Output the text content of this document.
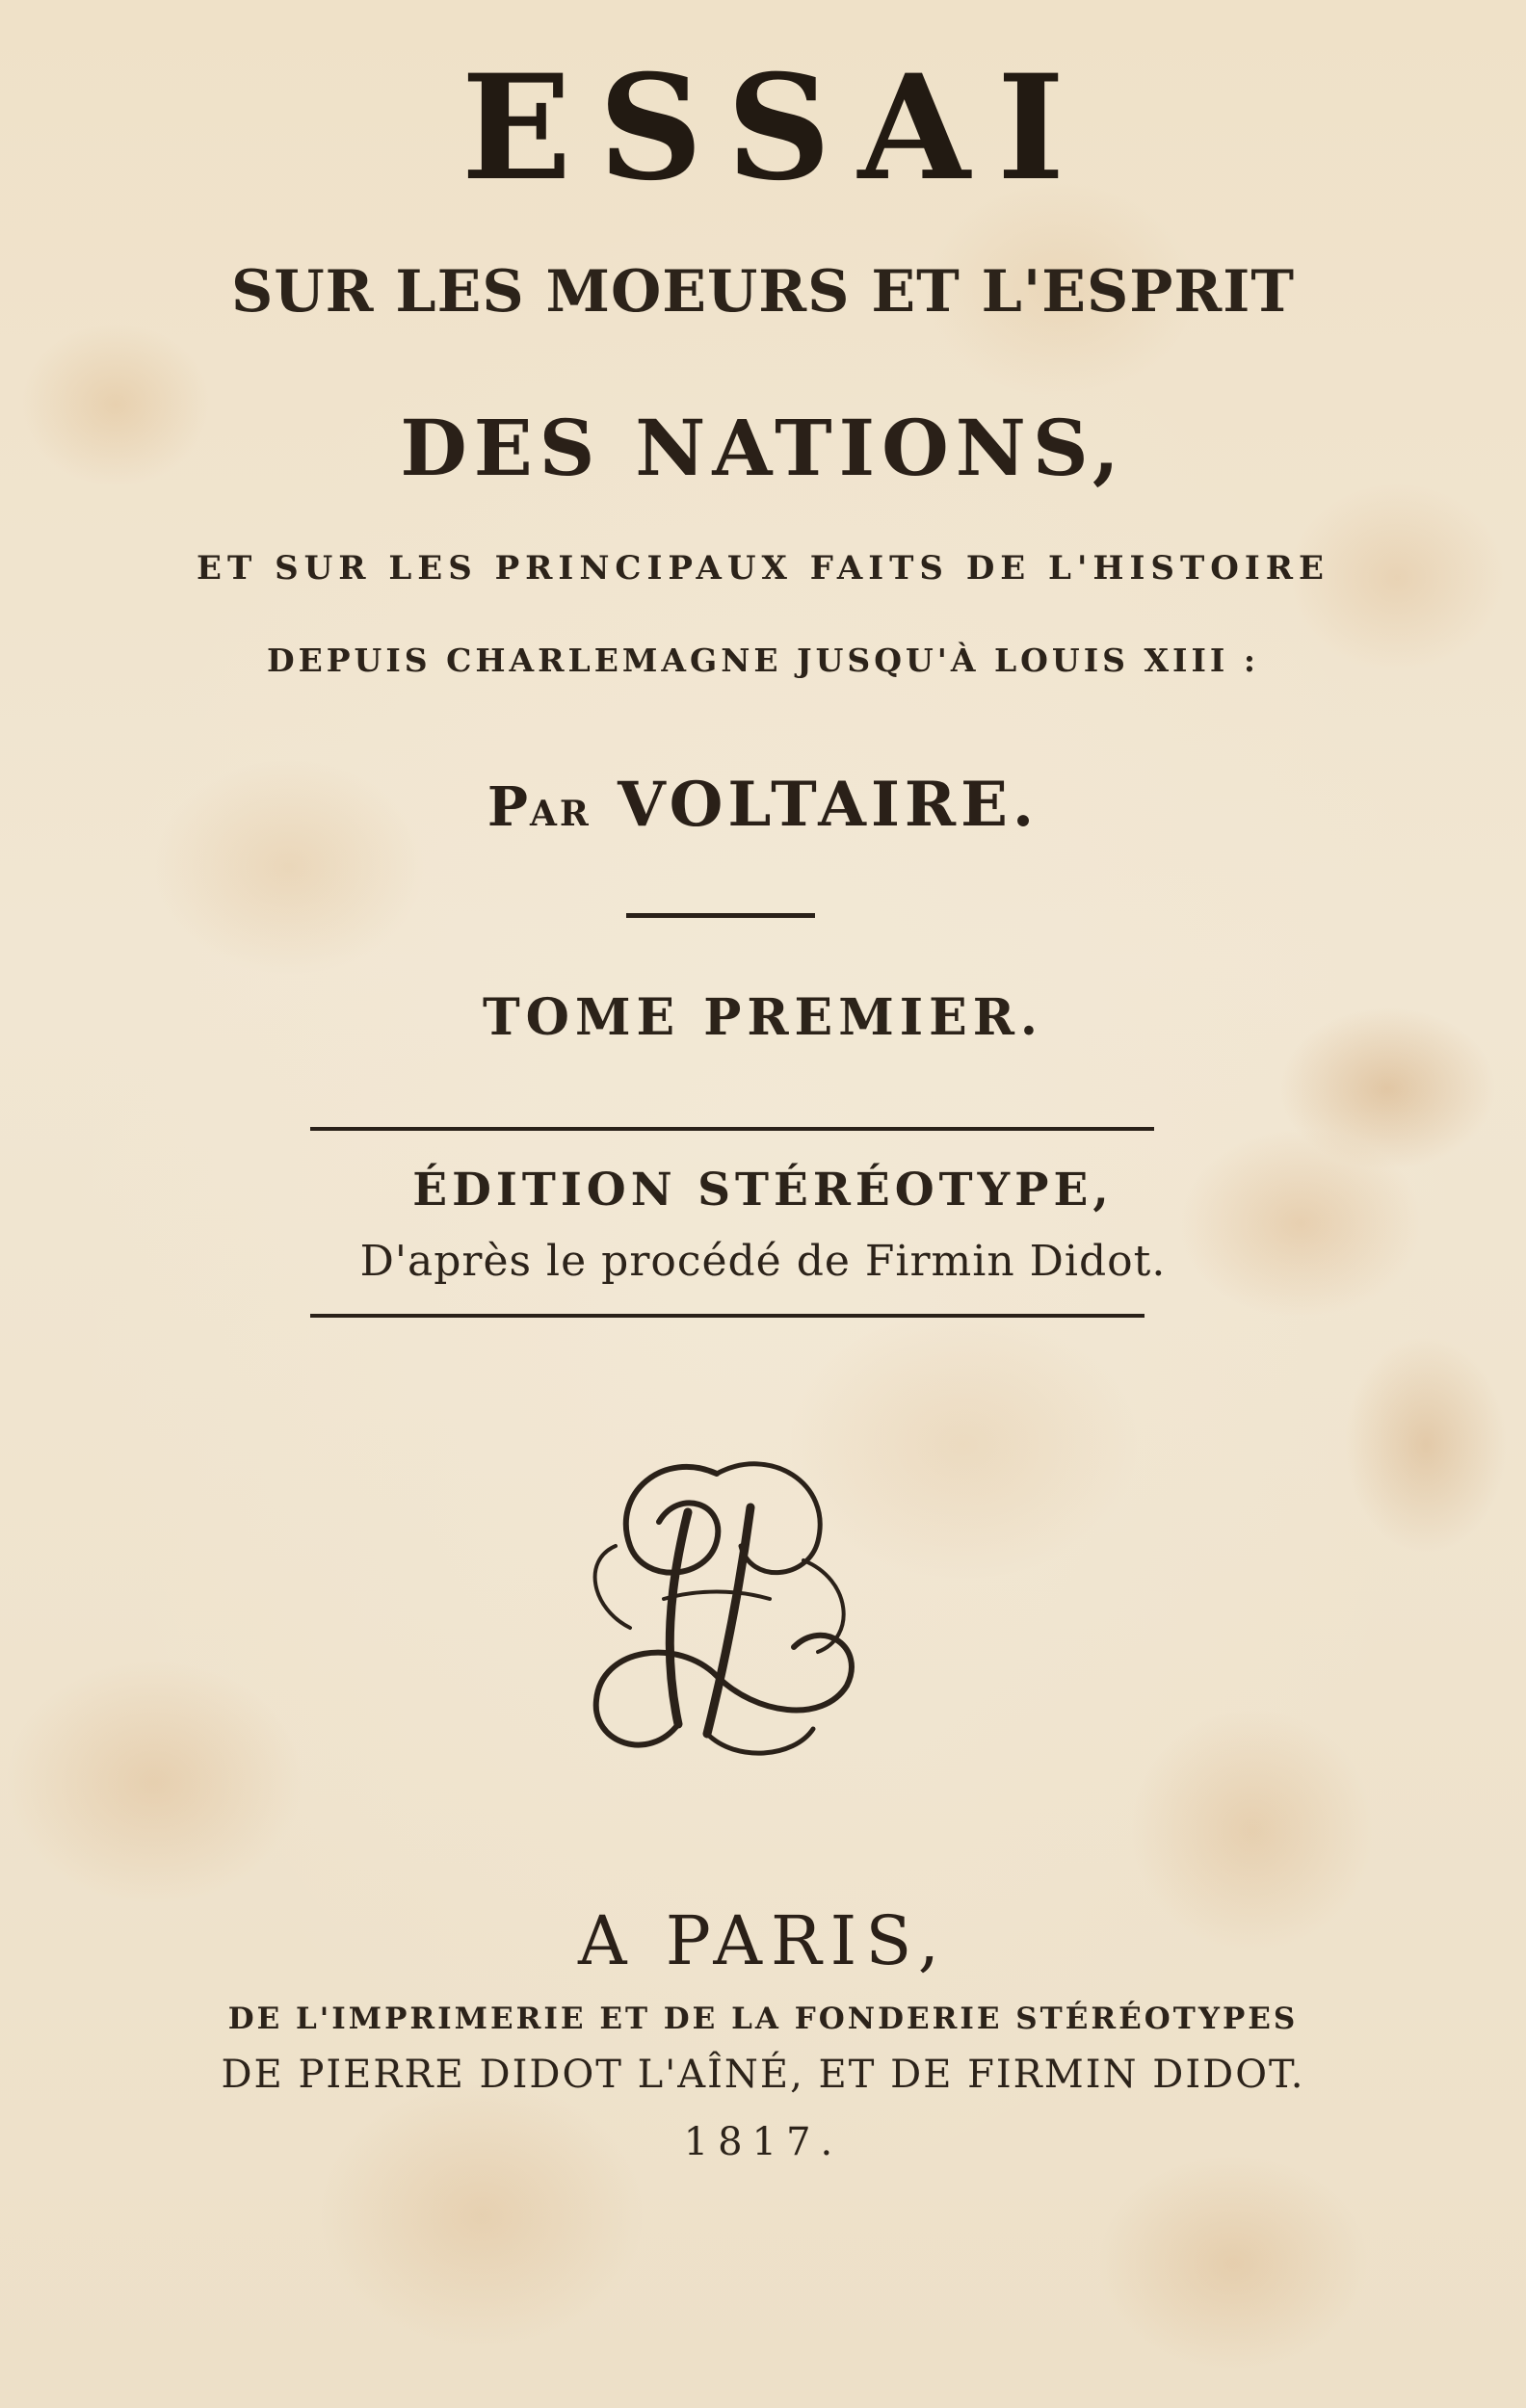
ESSAI

SUR LES MOEURS ET L'ESPRIT

DES NATIONS,

ET SUR LES PRINCIPAUX FAITS DE L'HISTOIRE

DEPUIS CHARLEMAGNE JUSQU'À LOUIS XIII :

PAR VOLTAIRE.

TOME PREMIER.

ÉDITION STÉRÉOTYPE,

D'après le procédé de Firmin Didot.

A PARIS,

DE L'IMPRIMERIE ET DE LA FONDERIE STÉRÉOTYPES

DE PIERRE DIDOT L'AÎNÉ, ET DE FIRMIN DIDOT.

1817.
